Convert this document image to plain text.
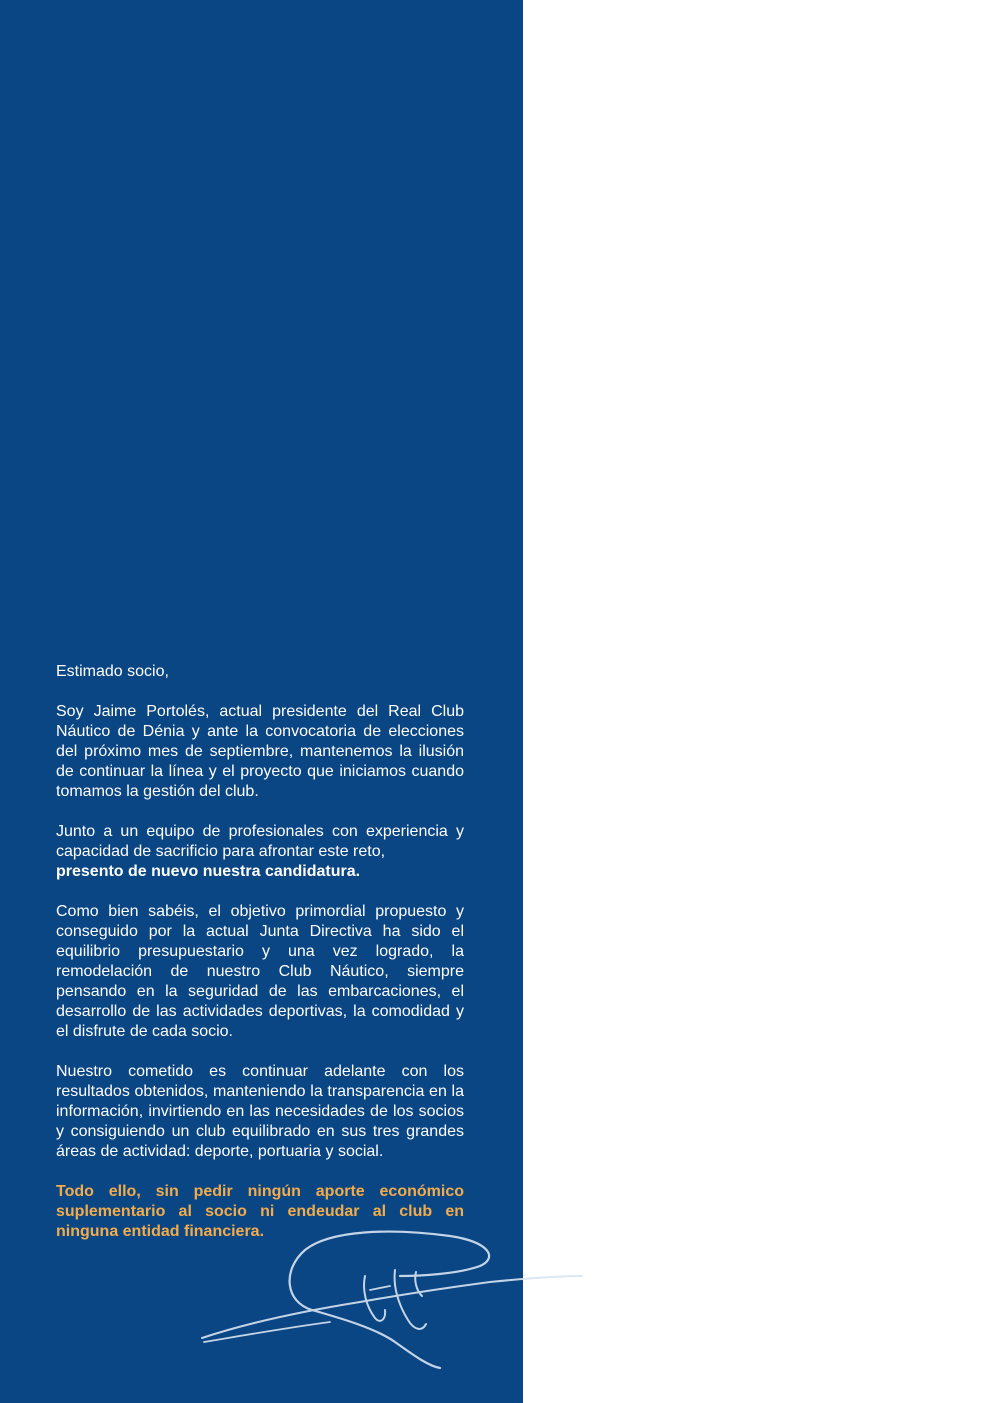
Estimado socio,

Soy Jaime Portolés, actual presidente del Real Club Náutico de Dénia y ante la convocatoria de elecciones del próximo mes de septiembre, mantenemos la ilusión de continuar la línea y el proyecto que iniciamos cuando tomamos la gestión del club.

Junto a un equipo de profesionales con experiencia y capacidad de sacrificio para afrontar este reto,
presento de nuevo nuestra candidatura.

Como bien sabéis, el objetivo primordial propuesto y conseguido por la actual Junta Directiva ha sido el equilibrio presupuestario y una vez logrado, la remodelación de nuestro Club Náutico, siempre pensando en la seguridad de las embarcaciones, el desarrollo de las actividades deportivas, la comodidad y el disfrute de cada socio.

Nuestro cometido es continuar adelante con los resultados obtenidos, manteniendo la transparencia en la información, invirtiendo en las necesidades de los socios y consiguiendo un club equilibrado en sus tres grandes áreas de actividad: deporte, portuaria y social.

Todo ello, sin pedir ningún aporte económico suplementario al socio ni endeudar al club en ninguna entidad financiera.
